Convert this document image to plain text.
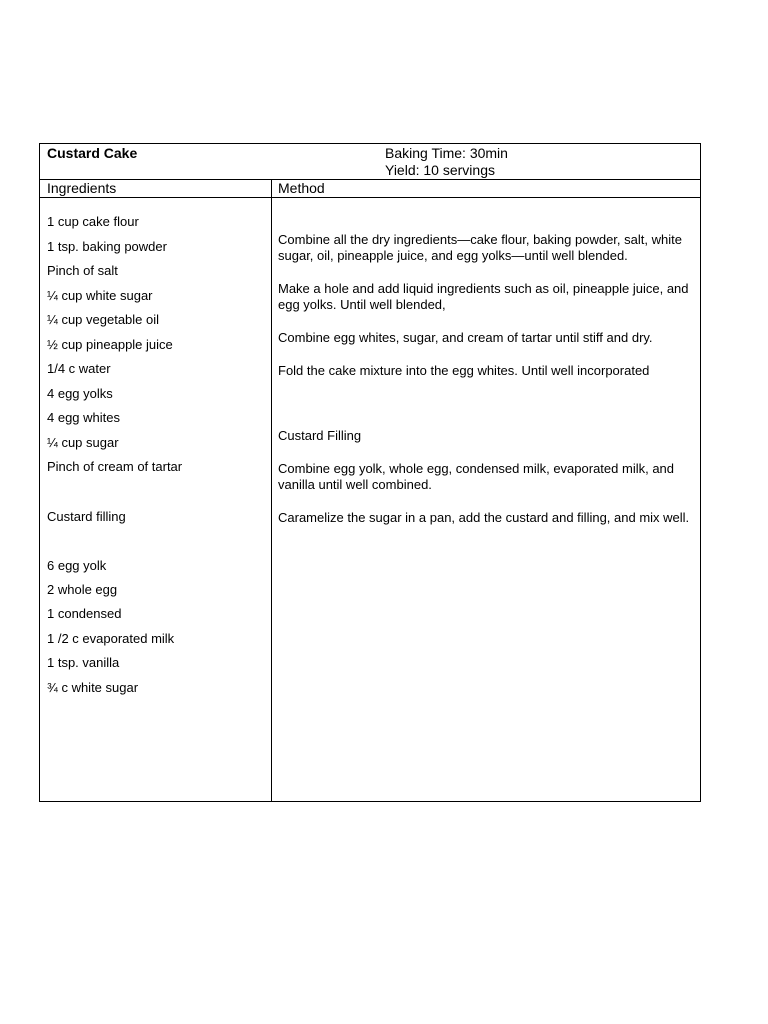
Custard Cake	Baking Time: 30min
Yield: 10 servings
Ingredients	Method
1 cup cake flour
1 tsp. baking powder
Pinch of salt
¼ cup white sugar
¼ cup vegetable oil
½ cup pineapple juice
1/4 c water
4 egg yolks
4 egg whites
¼ cup sugar
Pinch of cream of tartar
Custard filling
6 egg yolk
2 whole egg
1 condensed
1 /2 c evaporated milk
1 tsp. vanilla
¾ c white sugar
Combine all the dry ingredients—cake flour, baking powder, salt, white sugar, oil, pineapple juice, and egg yolks—until well blended.
Make a hole and add liquid ingredients such as oil, pineapple juice, and egg yolks. Until well blended,
Combine egg whites, sugar, and cream of tartar until stiff and dry.
Fold the cake mixture into the egg whites. Until well incorporated
Custard Filling
Combine egg yolk, whole egg, condensed milk, evaporated milk, and vanilla until well combined.
Caramelize the sugar in a pan, add the custard and filling, and mix well.
